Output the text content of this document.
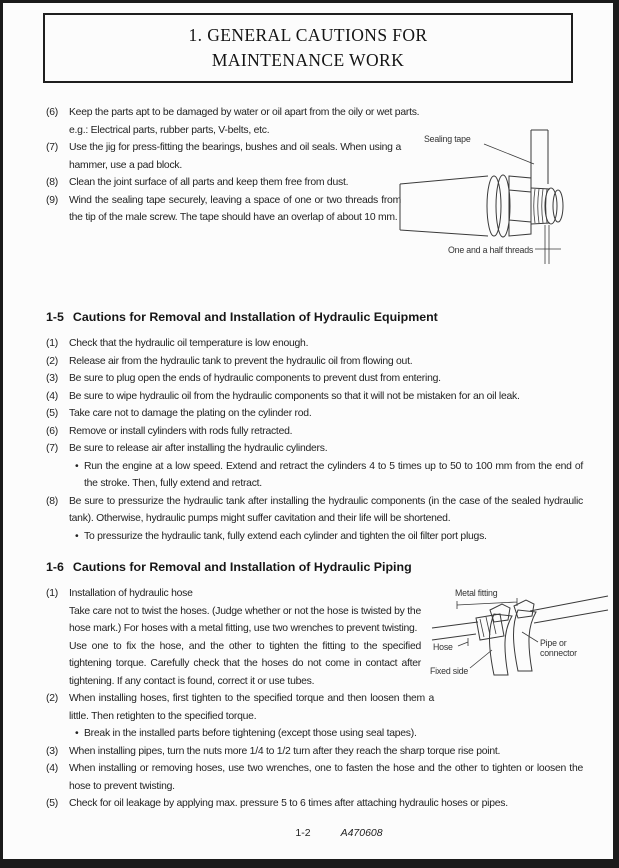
1. GENERAL CAUTIONS FOR
MAINTENANCE WORK
(6)	Keep the parts apt to be damaged by water or oil apart from the oily or wet parts.
e.g.: Electrical parts, rubber parts, V-belts, etc.
(7)	Use the jig for press-fitting the bearings, bushes and oil seals. When using a hammer, use a pad block.
(8)	Clean the joint surface of all parts and keep them free from dust.
(9)	Wind the sealing tape securely, leaving a space of one or two threads from the tip of the male screw. The tape should have an overlap of about 10 mm.
Sealing tape
One and a half threads
1-5 Cautions for Removal and Installation of Hydraulic Equipment
(1)	Check that the hydraulic oil temperature is low enough.
(2)	Release air from the hydraulic tank to prevent the hydraulic oil from flowing out.
(3)	Be sure to plug open the ends of hydraulic components to prevent dust from entering.
(4)	Be sure to wipe hydraulic oil from the hydraulic components so that it will not be mistaken for an oil leak.
(5)	Take care not to damage the plating on the cylinder rod.
(6)	Remove or install cylinders with rods fully retracted.
(7)	Be sure to release air after installing the hydraulic cylinders.
• Run the engine at a low speed. Extend and retract the cylinders 4 to 5 times up to 50 to 100 mm from the end of the stroke. Then, fully extend and retract.
(8)	Be sure to pressurize the hydraulic tank after installing the hydraulic components (in the case of the sealed hydraulic tank). Otherwise, hydraulic pumps might suffer cavitation and their life will be shortened.
• To pressurize the hydraulic tank, fully extend each cylinder and tighten the oil filter port plugs.
1-6 Cautions for Removal and Installation of Hydraulic Piping
(1)	Installation of hydraulic hose
Take care not to twist the hoses. (Judge whether or not the hose is twisted by the hose mark.) For hoses with a metal fitting, use two wrenches to prevent twisting.
Use one to fix the hose, and the other to tighten the fitting to the specified tightening torque. Carefully check that the hoses do not come in contact after tightening. If any contact is found, correct it or use tubes.
(2)	When installing hoses, first tighten to the specified torque and then loosen them a little. Then retighten to the specified torque.
• Break in the installed parts before tightening (except those using seal tapes).
(3)	When installing pipes, turn the nuts more 1/4 to 1/2 turn after they reach the sharp torque rise point.
(4)	When installing or removing hoses, use two wrenches, one to fasten the hose and the other to tighten or loosen the hose to prevent twisting.
(5)	Check for oil leakage by applying max. pressure 5 to 6 times after attaching hydraulic hoses or pipes.
Metal fitting
Hose
Fixed side
Pipe or
connector
1-2	A470608
